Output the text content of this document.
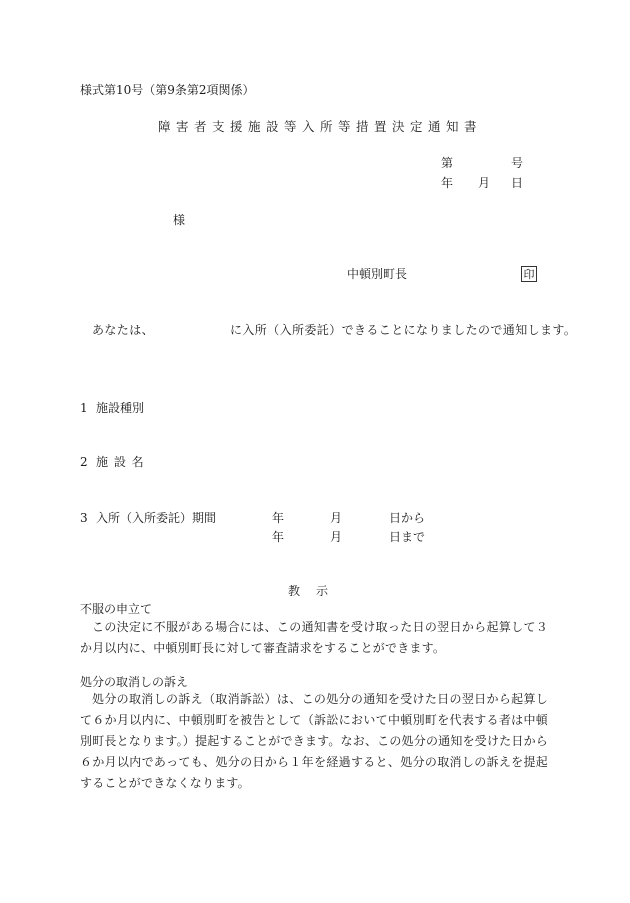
様式第10号（第9条第2項関係）
障害者支援施設等入所等措置決定通知書
第	号
年 月 日
様
中頓別町長	印
あなたは、	に入所（入所委託）できることになりましたので通知します。
1 施設種別
2 施 設 名
3 入所（入所委託）期間	年	月	日から
年	月	日まで
教　示
不服の申立て
この決定に不服がある場合には、この通知書を受け取った日の翌日から起算して３か月以内に、中頓別町長に対して審査請求をすることができます。
処分の取消しの訴え
処分の取消しの訴え（取消訴訟）は、この処分の通知を受けた日の翌日から起算して６か月以内に、中頓別町を被告として（訴訟において中頓別町を代表する者は中頓別町長となります。）提起することができます。なお、この処分の通知を受けた日から６か月以内であっても、処分の日から１年を経過すると、処分の取消しの訴えを提起することができなくなります。
